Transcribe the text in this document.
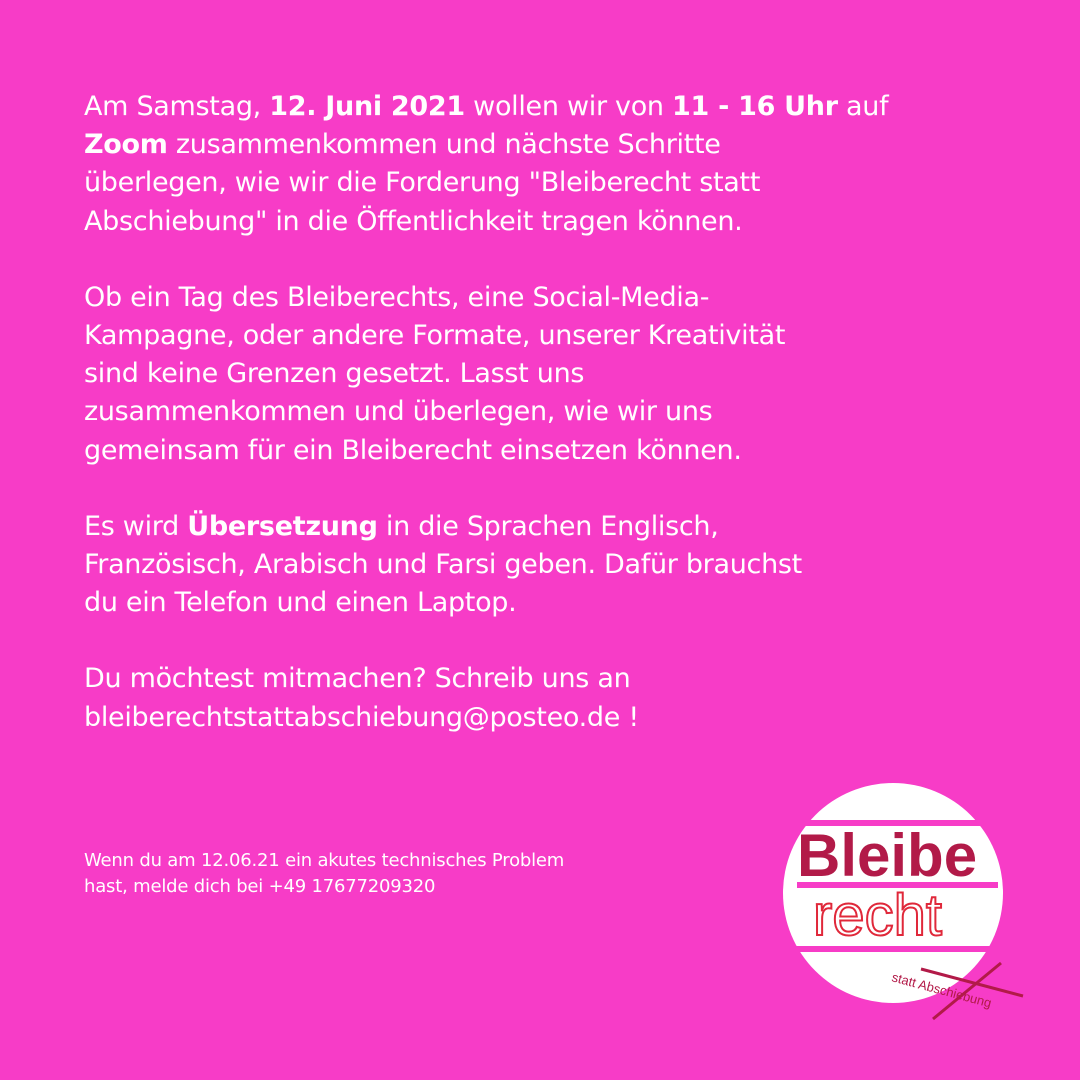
Am Samstag, 12. Juni 2021 wollen wir von 11 - 16 Uhr auf
Zoom zusammenkommen und nächste Schritte
überlegen, wie wir die Forderung "Bleiberecht statt
Abschiebung" in die Öffentlichkeit tragen können.

Ob ein Tag des Bleiberechts, eine Social-Media-
Kampagne, oder andere Formate, unserer Kreativität
sind keine Grenzen gesetzt. Lasst uns
zusammenkommen und überlegen, wie wir uns
gemeinsam für ein Bleiberecht einsetzen können.

Es wird Übersetzung in die Sprachen Englisch,
Französisch, Arabisch und Farsi geben. Dafür brauchst
du ein Telefon und einen Laptop.

Du möchtest mitmachen? Schreib uns an
bleiberechtstattabschiebung@posteo.de !

Wenn du am 12.06.21 ein akutes technisches Problem
hast, melde dich bei +49 17677209320	Bleibe
recht
statt Abschiebung
